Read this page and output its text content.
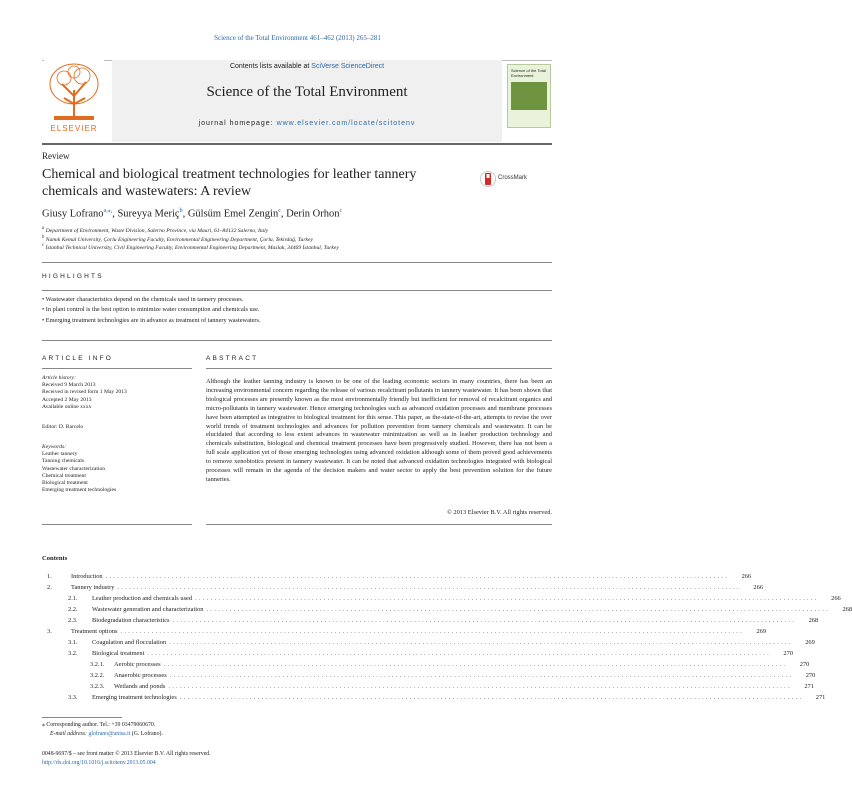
Science of the Total Environment 461–462 (2013) 265–281
ELSEVIER
Contents lists available at SciVerse ScienceDirect
Science of the Total Environment
journal homepage: www.elsevier.com/locate/scitotenv
Science of the Total Environment
Review
Chemical and biological treatment technologies for leather tannery chemicals and wastewaters: A review
CrossMark
Giusy Lofrano$^{a,⁎,}$, Sureyya Meriç$^b$, Gülsüm Emel Zengin$^c$, Derin Orhon$^c$
$^a$ Department of Environment, Waste Division, Salerno Province, via Mauri, 61–84132 Salerno, Italy
$^b$ Namık Kemal University, Çorlu Engineering Faculty, Environmental Engineering Department, Çorlu, Tekirdağ, Turkey
$^c$ İstanbul Technical University, Civil Engineering Faculty, Environmental Engineering Department, Maslak, 34469 İstanbul, Turkey
HIGHLIGHTS
• Wastewater characteristics depend on the chemicals used in tannery processes.
• In plant control is the best option to minimize water consumption and chemicals use.
• Emerging treatment technologies are in advance as treatment of tannery wastewaters.
ARTICLE INFO
Article history:
Received 9 March 2013
Received in revised form 1 May 2013
Accepted 2 May 2013
Available online xxxx
Editor: D. Barcelo
Keywords:
Leather tannery
Tanning chemicals
Wastewater characterization
Chemical treatment
Biological treatment
Emerging treatment technologies
ABSTRACT
Although the leather tanning industry is known to be one of the leading economic sectors in many countries, there has been an increasing environmental concern regarding the release of various recalcitrant pollutants in tannery wastewater. It has been shown that biological processes are presently known as the most environmentally friendly but inefficient for removal of recalcitrant organics and micro-pollutants in tannery wastewater. Hence emerging technologies such as advanced oxidation processes and membrane processes have been attempted as integrative to biological treatment for this sense. This paper, as the-state-of-the-art, attempts to revise the over world trends of treatment technologies and advances for pollution prevention from tannery chemicals and wastewater. It can be elucidated that according to less extent advances in wastewater minimization as well as in leather production technology and chemicals substitution, biological and chemical treatment processes have been progressively studied. However, there has not been a full scale application yet of those emerging technologies using advanced oxidation although some of them proved good achievements to remove xenobiotics present in tannery wastewater. It can be noted that advanced oxidation technologies integrated with biological processes will remain in the agenda of the decision makers and water sector to apply the best prevention solution for the future tanneries.
© 2013 Elsevier B.V. All rights reserved.
Contents
1.	Introduction ................................................................................................................................................................	266
2.	Tannery industry ................................................................................................................................................................	266
2.1.	Leather production and chemicals used ................................................................................................................................................................	266
2.2.	Wastewater generation and characterization ................................................................................................................................................................	268
2.3.	Biodegradation characteristics ................................................................................................................................................................	268
3.	Treatment options ................................................................................................................................................................	269
3.1.	Coagulation and flocculation ................................................................................................................................................................	269
3.2.	Biological treatment ................................................................................................................................................................	270
3.2.1.	Aerobic processes ................................................................................................................................................................	270
3.2.2.	Anaerobic processes ................................................................................................................................................................	270
3.2.3.	Wetlands and ponds ................................................................................................................................................................	271
3.3.	Emerging treatment technologies ................................................................................................................................................................	271
⁎ Corresponding author. Tel.: +39 03479060670.
E-mail address: glofrano@unisa.it (G. Lofrano).
0048-9697/$ – see front matter © 2013 Elsevier B.V. All rights reserved.
http://dx.doi.org/10.1016/j.scitotenv.2013.05.004
